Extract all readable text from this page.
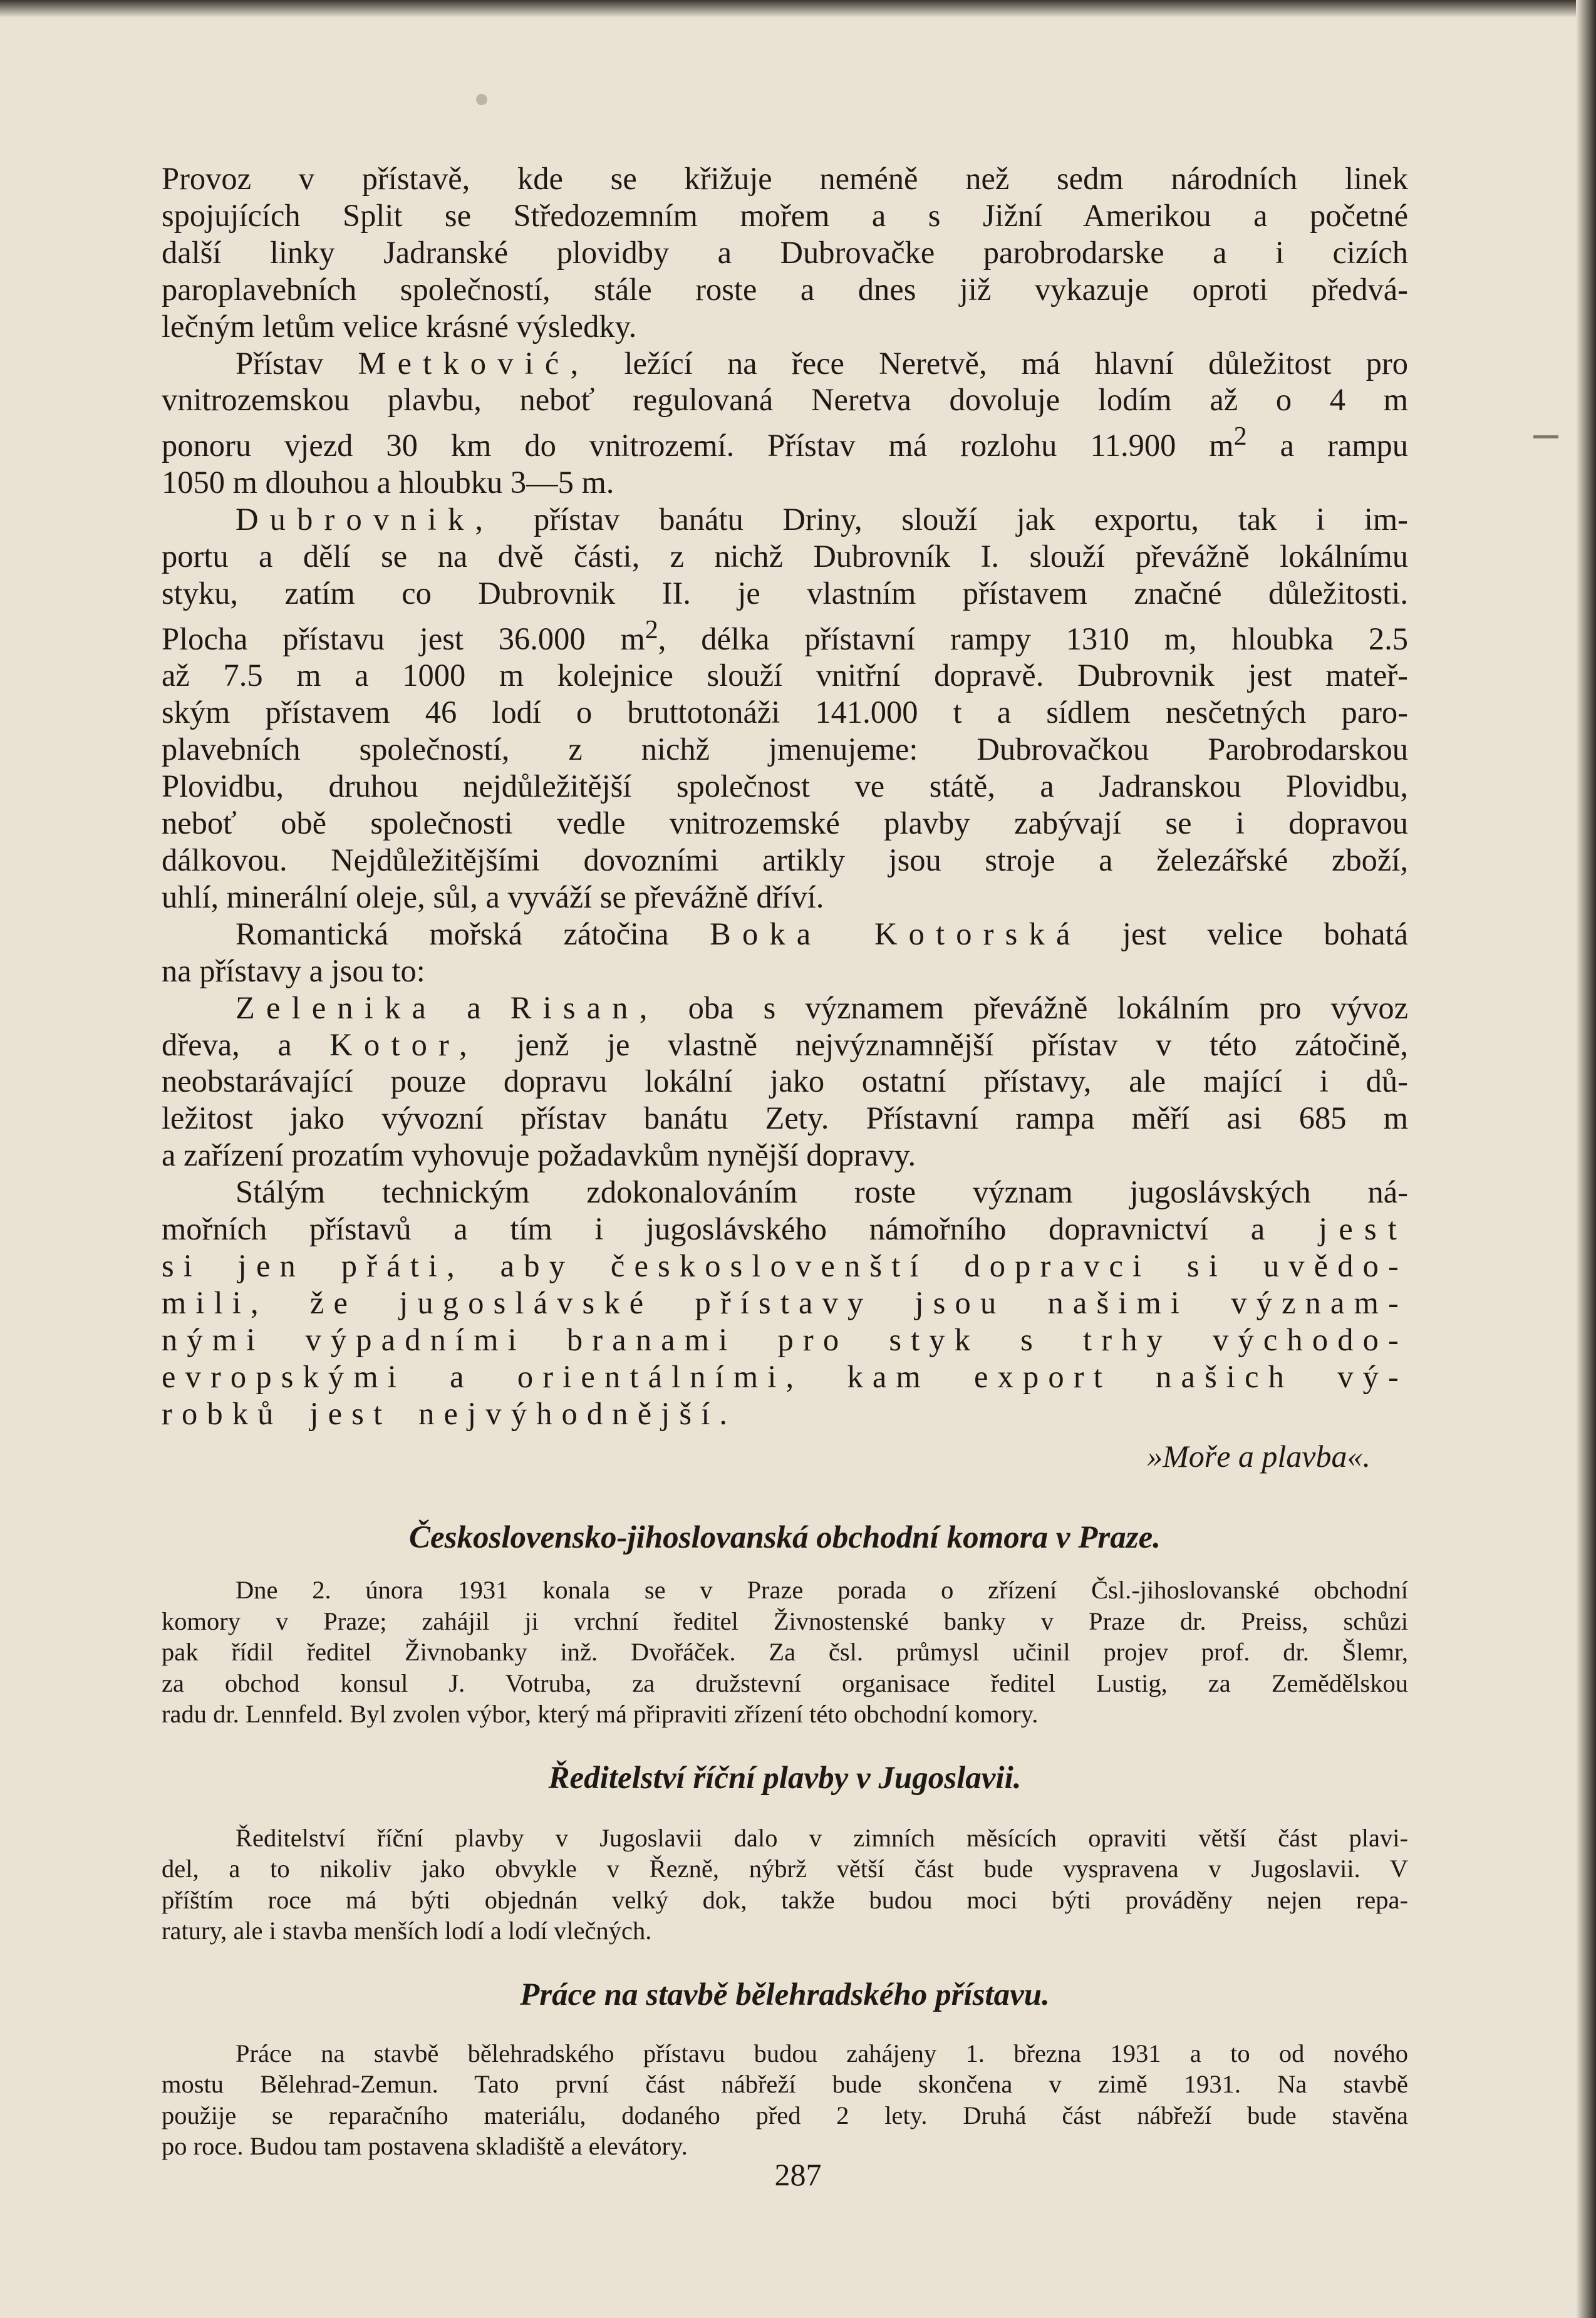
Provoz v přístavě, kde se křižuje neméně než sedm národních linek

spojujících Split se Středozemním mořem a s Jižní Amerikou a početné

další linky Jadranské plovidby a Dubrovačke parobrodarske a i cizích

paroplavebních společností, stále roste a dnes již vykazuje oproti předvá-

lečným letům velice krásné výsledky.

Přístav Metković, ležící na řece Neretvě, má hlavní důležitost pro

vnitrozemskou plavbu, neboť regulovaná Neretva dovoluje lodím až o 4 m

ponoru vjezd 30 km do vnitrozemí. Přístav má rozlohu 11.900 $m^2$ a rampu

1050 m dlouhou a hloubku 3—5 m.

Dubrovnik, přístav banátu Driny, slouží jak exportu, tak i im-

portu a dělí se na dvě části, z nichž Dubrovník I. slouží převážně lokálnímu

styku, zatím co Dubrovnik II. je vlastním přístavem značné důležitosti.

Plocha přístavu jest 36.000 $m^2$, délka přístavní rampy 1310 m, hloubka 2.5

až 7.5 m a 1000 m kolejnice slouží vnitřní dopravě. Dubrovnik jest mateř-

ským přístavem 46 lodí o bruttotonáži 141.000 t a sídlem nesčetných paro-

plavebních společností, z nichž jmenujeme: Dubrovačkou Parobrodarskou

Plovidbu, druhou nejdůležitější společnost ve státě, a Jadranskou Plovidbu,

neboť obě společnosti vedle vnitrozemské plavby zabývají se i dopravou

dálkovou. Nejdůležitějšími dovozními artikly jsou stroje a železářské zboží,

uhlí, minerální oleje, sůl, a vyváží se převážně dříví.

Romantická mořská zátočina Boka Kotorská jest velice bohatá

na přístavy a jsou to:

Zelenika a Risan, oba s významem převážně lokálním pro vývoz

dřeva, a Kotor, jenž je vlastně nejvýznamnější přístav v této zátočině,

neobstarávající pouze dopravu lokální jako ostatní přístavy, ale mající i dů-

ležitost jako vývozní přístav banátu Zety. Přístavní rampa měří asi 685 m

a zařízení prozatím vyhovuje požadavkům nynější dopravy.

Stálým technickým zdokonalováním roste význam jugoslávských ná-

mořních přístavů a tím i jugoslávského námořního dopravnictví a jest

si jen přáti, aby českoslovenští dopravci si uvědo-

mili, že jugoslávské přístavy jsou našimi význam-

nými výpadními branami pro styk s trhy východo-

evropskými a orientálními, kam export našich vý-

robků jest nejvýhodnější.

»Moře a plavba«.

Československo-jihoslovanská obchodní komora v Praze.

Dne 2. února 1931 konala se v Praze porada o zřízení Čsl.-jihoslovanské obchodní

komory v Praze; zahájil ji vrchní ředitel Živnostenské banky v Praze dr. Preiss, schůzi

pak řídil ředitel Živnobanky inž. Dvořáček. Za čsl. průmysl učinil projev prof. dr. Šlemr,

za obchod konsul J. Votruba, za družstevní organisace ředitel Lustig, za Zemědělskou

radu dr. Lennfeld. Byl zvolen výbor, který má připraviti zřízení této obchodní komory.

Ředitelství říční plavby v Jugoslavii.

Ředitelství říční plavby v Jugoslavii dalo v zimních měsících opraviti větší část plavi-

del, a to nikoliv jako obvykle v Řezně, nýbrž větší část bude vyspravena v Jugoslavii. V

příštím roce má býti objednán velký dok, takže budou moci býti prováděny nejen repa-

ratury, ale i stavba menších lodí a lodí vlečných.

Práce na stavbě bělehradského přístavu.

Práce na stavbě bělehradského přístavu budou zahájeny 1. března 1931 a to od nového

mostu Bělehrad-Zemun. Tato první část nábřeží bude skončena v zimě 1931. Na stavbě

použije se reparačního materiálu, dodaného před 2 lety. Druhá část nábřeží bude stavěna

po roce. Budou tam postavena skladiště a elevátory.

287
